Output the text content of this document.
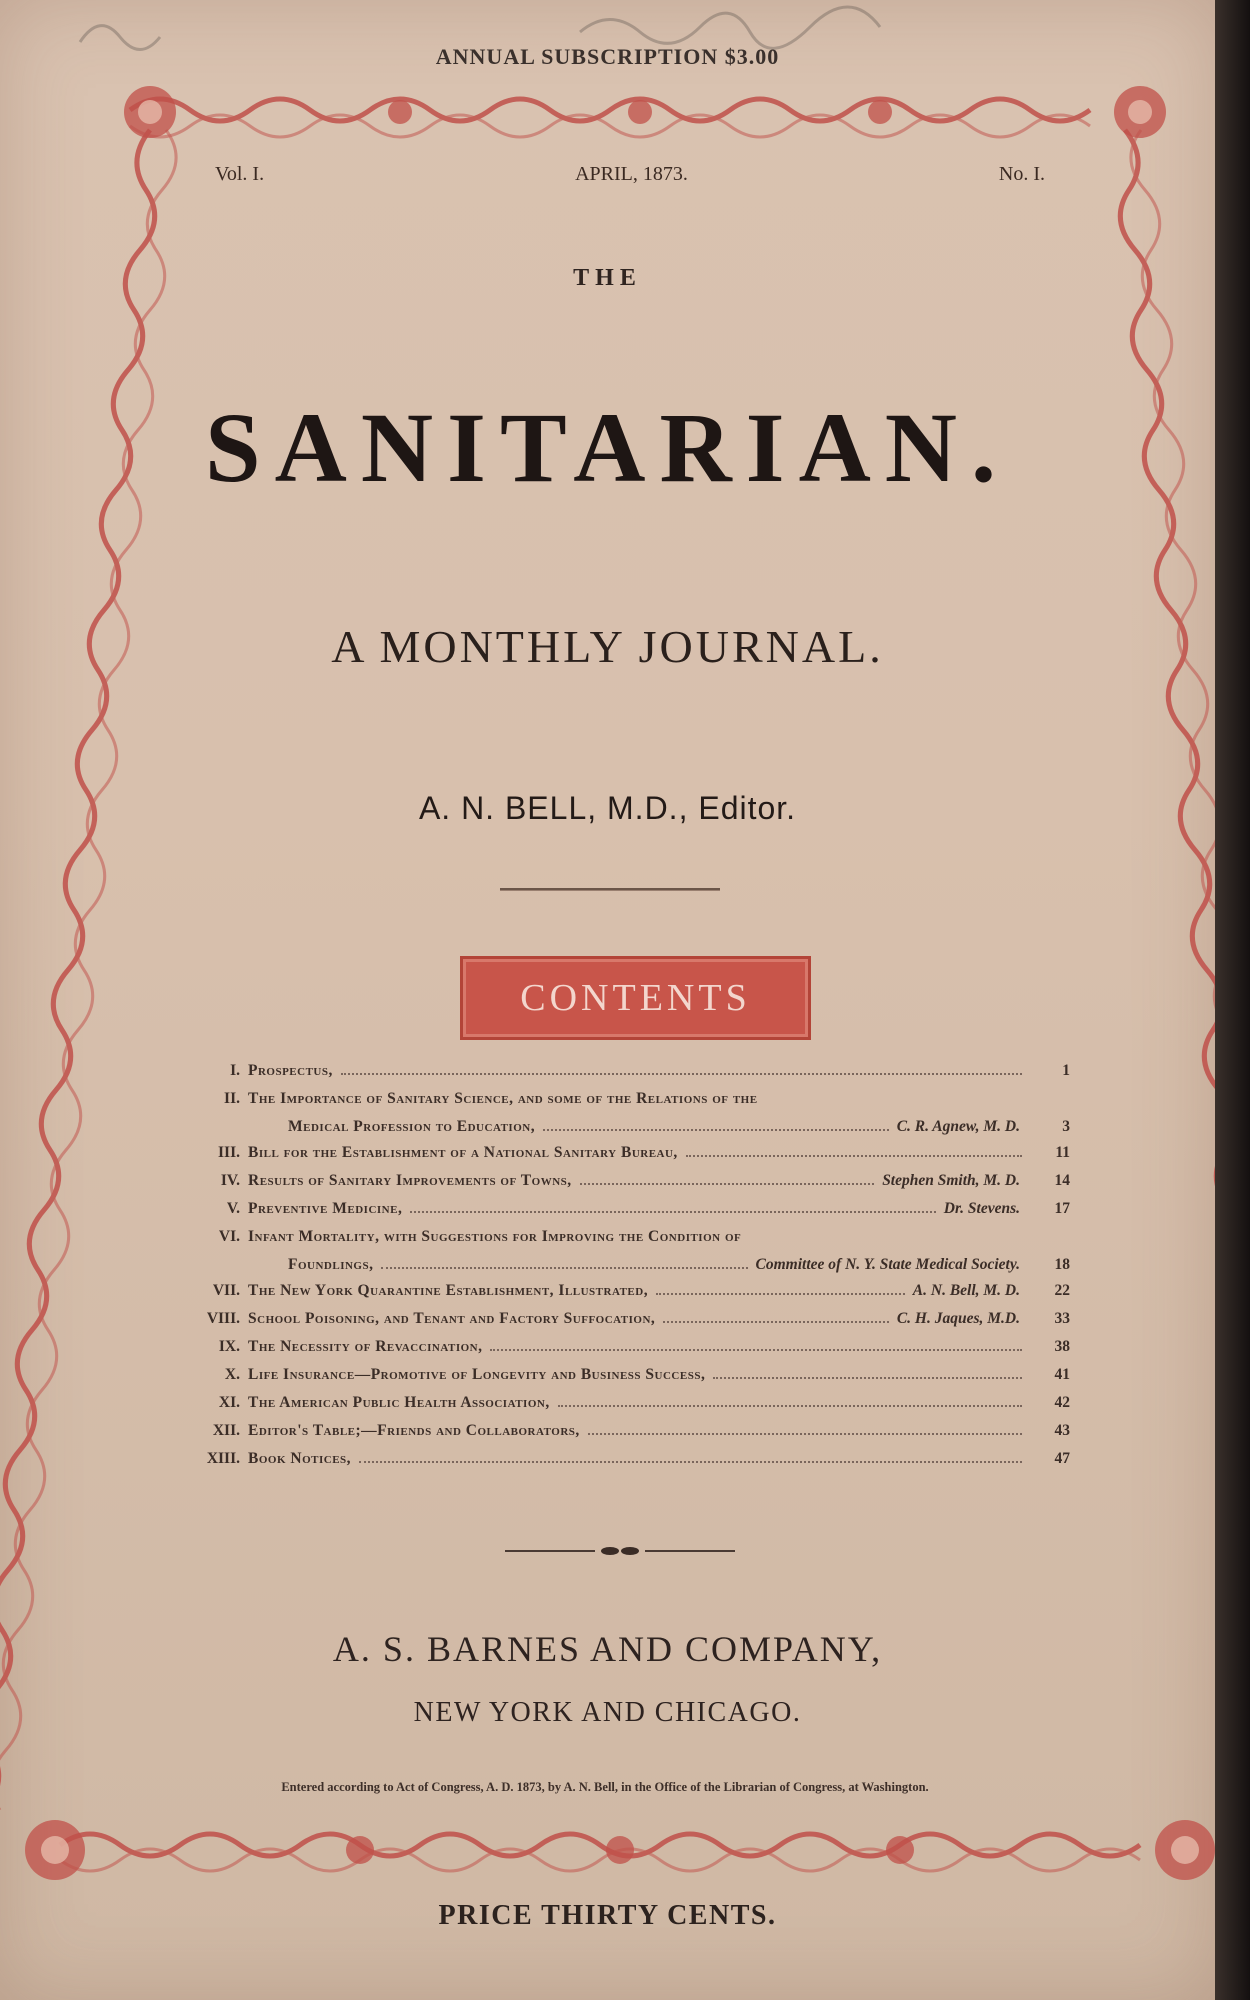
ANNUAL SUBSCRIPTION $3.00
Vol. I.	APRIL, 1873.	No. I.
THE
SANITARIAN.
A MONTHLY JOURNAL.
A. N. BELL, M.D., Editor.
CONTENTS
I. Prospectus,	1
II. The Importance of Sanitary Science, and some of the Relations of the
Medical Profession to Education,	C. R. Agnew, M. D.	3
III. Bill for the Establishment of a National Sanitary Bureau,	11
IV. Results of Sanitary Improvements of Towns,	Stephen Smith, M. D.	14
V. Preventive Medicine,	Dr. Stevens.	17
VI. Infant Mortality, with Suggestions for Improving the Condition of
Foundlings,	Committee of N. Y. State Medical Society.	18
VII. The New York Quarantine Establishment, Illustrated,	A. N. Bell, M. D.	22
VIII. School Poisoning, and Tenant and Factory Suffocation,	C. H. Jaques, M.D.	33
IX. The Necessity of Revaccination,	38
X. Life Insurance—Promotive of Longevity and Business Success,	41
XI. The American Public Health Association,	42
XII. Editor's Table;—Friends and Collaborators,	43
XIII. Book Notices,	47
A. S. BARNES AND COMPANY,
NEW YORK AND CHICAGO.
Entered according to Act of Congress, A. D. 1873, by A. N. Bell, in the Office of the Librarian of Congress, at Washington.
PRICE THIRTY CENTS.
